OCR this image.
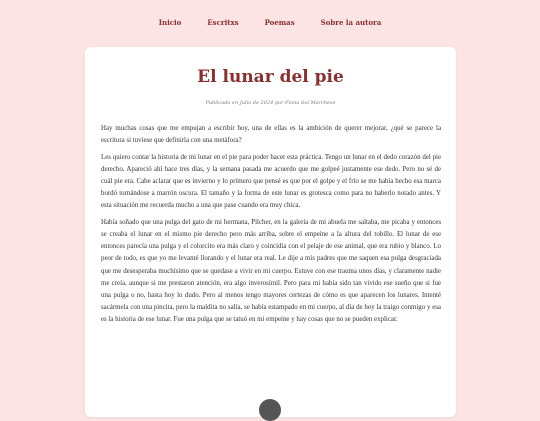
Inicio	Escritxs	Poemas	Sobre la autora
El lunar del pie
Publicado en Julio de 2024 por Fiona Sol Marchese

Hay muchas cosas que me empujan a escribir hoy, una de ellas es la ambición de querer mejorar, ¿qué se parece la escritura si tuviese que definirla con una metáfora?

Les quiero contar la historia de mi lunar en el pie para poder hacer esta práctica. Tengo un lunar en el dedo corazón del pie derecho. Apareció ahí hace tres días, y la semana pasada me acuerdo que me golpeé justamente ese dedo. Pero no sé de cuál pie era. Cabe aclarar que es invierno y lo primero que pensé es que por el golpe y el frío se me había hecho esa marca bordó tornándose a marrón oscura. El tamaño y la forma de este lunar es grotesca como para no haberlo notado antes. Y esta situación me recuerda mucho a una que pase cuando era muy chica.

Había soñado que una pulga del gato de mi hermana, Pilcher, en la galería de mi abuela me saltaba, me picaba y entonces se creaba el lunar en el mismo pie derecho pero más arriba, sobre el empeine a la altura del tobillo. El lunar de ese entonces parecía una pulga y el colorcito era más claro y coincidía con el pelaje de ese animal, que era rubio y blanco. Lo peor de todo, es que yo me levanté llorando y el lunar era real. Le dije a mis padres que me saquen esa pulga desgraciada que me desesperaba muchísimo que se quedase a vivir en mi cuerpo. Estuve con ese trauma unos días, y claramente nadie me creía, aunque si me prestaron atención, era algo inverosímil. Pero para mi había sido tan vivido ese sueño que si fue una pulga o no, hasta hoy lo dudo. Pero al menos tengo mayores certezas de cómo es que aparecen los lunares. Intenté sacármela con una pincita, pero la maldita no salía, se había estampado en mi cuerpo, al día de hoy la traigo conmigo y esa es la historia de ese lunar. Fue una pulga que se tatuó en mi empeine y hay cosas que no se pueden explicar.
